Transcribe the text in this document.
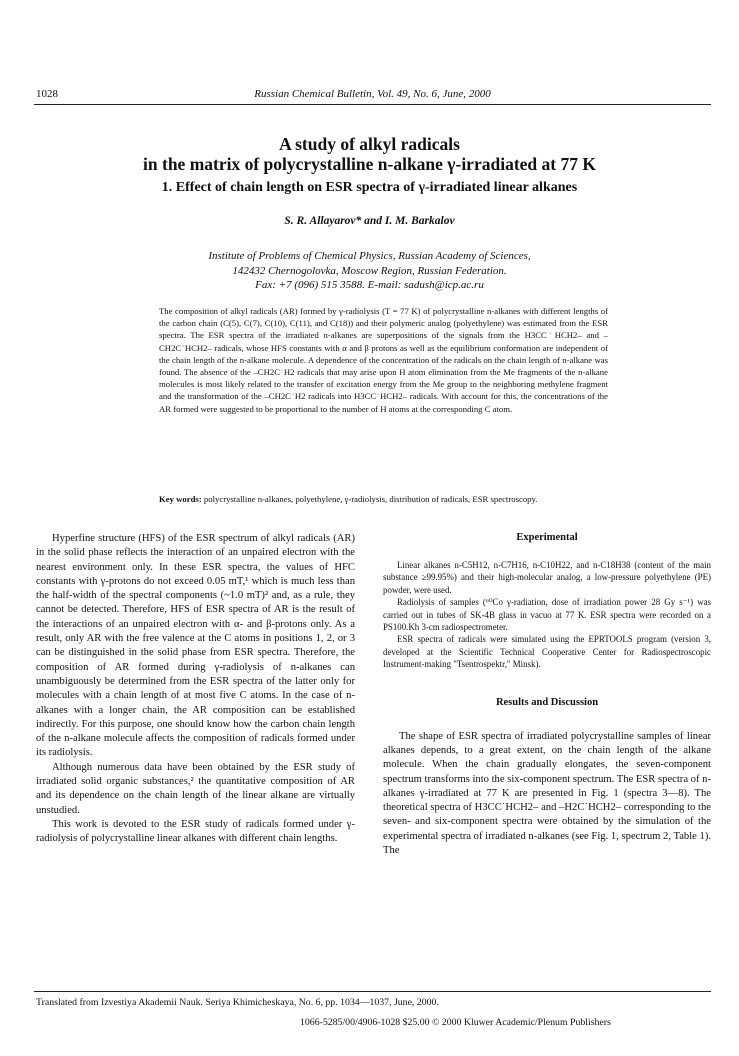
1028	Russian Chemical Bulletin, Vol. 49, No. 6, June, 2000
A study of alkyl radicals
in the matrix of polycrystalline n-alkane γ-irradiated at 77 K
1. Effect of chain length on ESR spectra of γ-irradiated linear alkanes
S. R. Allayarov* and I. M. Barkalov
Institute of Problems of Chemical Physics, Russian Academy of Sciences,
142432 Chernogolovka, Moscow Region, Russian Federation.
Fax: +7 (096) 515 3588. E-mail: sadush@icp.ac.ru
The composition of alkyl radicals (AR) formed by γ-radiolysis (T = 77 K) of polycrystalline n-alkanes with different lengths of the carbon chain (C(5), C(7), C(10), C(11), and C(18)) and their polymeric analog (polyethylene) was estimated from the ESR spectra. The ESR spectra of the irradiated n-alkanes are superpositions of the signals from the H3CC˙HCH2– and –CH2C˙HCH2– radicals, whose HFS constants with α and β protons as well as the equilibrium conformation are independent of the chain length of the n-alkane molecule. A dependence of the concentration of the radicals on the chain length of n-alkane was found. The absence of the –CH2C˙H2 radicals that may arise upon H atom elimination from the Me fragments of the n-alkane molecules is most likely related to the transfer of excitation energy from the Me group to the neighboring methylene fragment and the transformation of the –CH2C˙H2 radicals into H3CC˙HCH2– radicals. With account for this, the concentrations of the AR formed were suggested to be proportional to the number of H atoms at the corresponding C atom.
Key words: polycrystalline n-alkanes, polyethylene, γ-radiolysis, distribution of radicals, ESR spectroscopy.

Hyperfine structure (HFS) of the ESR spectrum of alkyl radicals (AR) in the solid phase reflects the interaction of an unpaired electron with the nearest environment only. In these ESR spectra, the values of HFC constants with γ-protons do not exceed 0.05 mT,¹ which is much less than the half-width of the spectral components (~1.0 mT)² and, as a rule, they cannot be detected. Therefore, HFS of ESR spectra of AR is the result of the interactions of an unpaired electron with α- and β-protons only. As a result, only AR with the free valence at the C atoms in positions 1, 2, or 3 can be distinguished in the solid phase from ESR spectra. Therefore, the composition of AR formed during γ-radiolysis of n-alkanes can unambiguously be determined from the ESR spectra of the latter only for molecules with a chain length of at most five C atoms. In the case of n-alkanes with a longer chain, the AR composition can be established indirectly. For this purpose, one should know how the carbon chain length of the n-alkane molecule affects the composition of radicals formed under its radiolysis.

Although numerous data have been obtained by the ESR study of irradiated solid organic substances,² the quantitative composition of AR and its dependence on the chain length of the linear alkane are virtually unstudied.

This work is devoted to the ESR study of radicals formed under γ-radiolysis of polycrystalline linear alkanes with different chain lengths.

Experimental

Linear alkanes n-C5H12, n-C7H16, n-C10H22, and n-C18H38 (content of the main substance ≥99.95%) and their high-molecular analog, a low-pressure polyethylene (PE) powder, were used.

Radiolysis of samples (⁶⁰Co γ-radiation, dose of irradiation power 28 Gy s⁻¹) was carried out in tubes of SK-4B glass in vacuo at 77 K. ESR spectra were recorded on a PS100.Kh 3-cm radiospectrometer.

ESR spectra of radicals were simulated using the EPRTOOLS program (version 3, developed at the Scientific Technical Cooperative Center for Radiospectroscopic Instrument-making "Tsentrospektr," Minsk).

Results and Discussion

The shape of ESR spectra of irradiated polycrystalline samples of linear alkanes depends, to a great extent, on the chain length of the alkane molecule. When the chain gradually elongates, the seven-component spectrum transforms into the six-component spectrum. The ESR spectra of n-alkanes γ-irradiated at 77 K are presented in Fig. 1 (spectra 3—8). The theoretical spectra of H3CC˙HCH2– and –H2C˙HCH2– corresponding to the seven- and six-component spectra were obtained by the simulation of the experimental spectra of irradiated n-alkanes (see Fig. 1, spectrum 2, Table 1). The

Translated from Izvestiya Akademii Nauk. Seriya Khimicheskaya, No. 6, pp. 1034—1037, June, 2000.
1066-5285/00/4906-1028 $25.00 © 2000 Kluwer Academic/Plenum Publishers
